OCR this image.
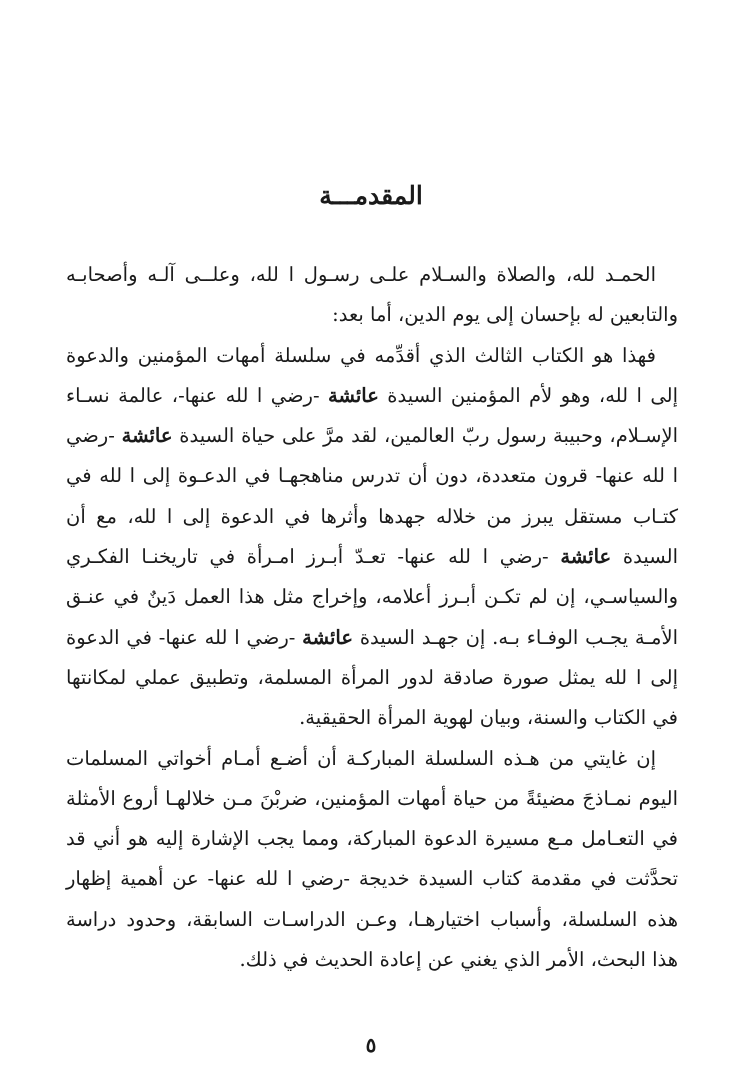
المقدمـــة

الحمـد لله، والصلاة والسـلام علـى رسـول ا لله، وعلــى آلـه وأصحابـه والتابعين له بإحسان إلى يوم الدين، أما بعد:

فهذا هو الكتاب الثالث الذي أقدِّمه في سلسلة أمهات المؤمنين والدعوة إلى ا لله، وهو لأم المؤمنين السيدة عائشة -رضي ا لله عنها-، عالمة نسـاء الإسـلام، وحبيبة رسول ربّ العالمين، لقد مرَّ على حياة السيدة عائشة -رضي ا لله عنها- قرون متعددة، دون أن تدرس مناهجهـا في الدعـوة إلى ا لله في كتـاب مستقل يبرز من خلاله جهدها وأثرها في الدعوة إلى ا لله، مع أن السيدة عائشة -رضي ا لله عنها- تعـدّ أبـرز امـرأة في تاريخنـا الفكـري والسياسـي، إن لم تكـن أبـرز أعلامه، وإخراج مثل هذا العمل دَينٌ في عنـق الأمـة يجـب الوفـاء بـه. إن جهـد السيدة عائشة -رضي ا لله عنها- في الدعوة إلى ا لله يمثل صورة صادقة لدور المرأة المسلمة، وتطبيق عملي لمكانتها في الكتاب والسنة، وبيان لهوية المرأة الحقيقية.

إن غايتي من هـذه السلسلة المباركـة أن أضـع أمـام أخواتي المسلمات اليوم نمـاذجَ مضيئةً من حياة أمهات المؤمنين، ضربْنَ مـن خلالهـا أروع الأمثلة في التعـامل مـع مسيرة الدعوة المباركة، ومما يجب الإشارة إليه هو أني قد تحدَّثت في مقدمة كتاب السيدة خديجة -رضي ا لله عنها- عن أهمية إظهار هذه السلسلة، وأسباب اختيارهـا، وعـن الدراسـات السابقة، وحدود دراسة هذا البحث، الأمر الذي يغني عن إعادة الحديث في ذلك.

٥
